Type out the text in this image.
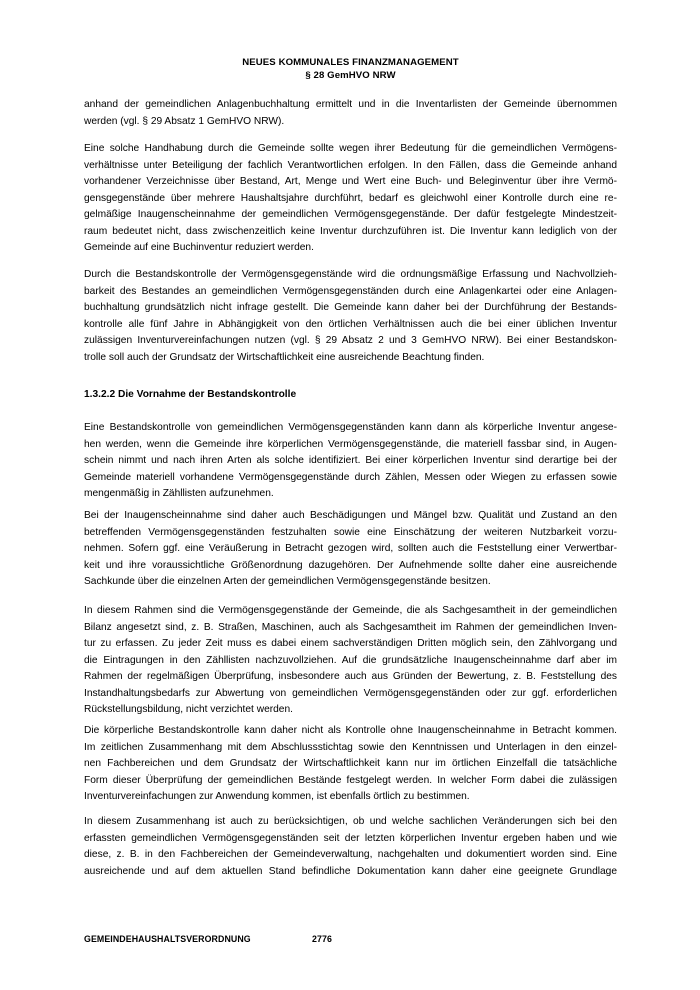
NEUES KOMMUNALES FINANZMANAGEMENT
§ 28 GemHVO NRW
anhand der gemeindlichen Anlagenbuchhaltung ermittelt und in die Inventarlisten der Gemeinde übernommen
werden (vgl. § 29 Absatz 1 GemHVO NRW).
Eine solche Handhabung durch die Gemeinde sollte wegen ihrer Bedeutung für die gemeindlichen Vermögens-
verhältnisse unter Beteiligung der fachlich Verantwortlichen erfolgen. In den Fällen, dass die Gemeinde anhand
vorhandener Verzeichnisse über Bestand, Art, Menge und Wert eine Buch- und Beleginventur über ihre Vermö-
gensgegenstände über mehrere Haushaltsjahre durchführt, bedarf es gleichwohl einer Kontrolle durch eine re-
gelmäßige Inaugenscheinnahme der gemeindlichen Vermögensgegenstände. Der dafür festgelegte Mindestzeit-
raum bedeutet nicht, dass zwischenzeitlich keine Inventur durchzuführen ist. Die Inventur kann lediglich von der
Gemeinde auf eine Buchinventur reduziert werden.
Durch die Bestandskontrolle der Vermögensgegenstände wird die ordnungsmäßige Erfassung und Nachvollzieh-
barkeit des Bestandes an gemeindlichen Vermögensgegenständen durch eine Anlagenkartei oder eine Anlagen-
buchhaltung grundsätzlich nicht infrage gestellt. Die Gemeinde kann daher bei der Durchführung der Bestands-
kontrolle alle fünf Jahre in Abhängigkeit von den örtlichen Verhältnissen auch die bei einer üblichen Inventur
zulässigen Inventurvereinfachungen nutzen (vgl. § 29 Absatz 2 und 3 GemHVO NRW). Bei einer Bestandskon-
trolle soll auch der Grundsatz der Wirtschaftlichkeit eine ausreichende Beachtung finden.
1.3.2.2 Die Vornahme der Bestandskontrolle
Eine Bestandskontrolle von gemeindlichen Vermögensgegenständen kann dann als körperliche Inventur angese-
hen werden, wenn die Gemeinde ihre körperlichen Vermögensgegenstände, die materiell fassbar sind, in Augen-
schein nimmt und nach ihren Arten als solche identifiziert. Bei einer körperlichen Inventur sind derartige bei der
Gemeinde materiell vorhandene Vermögensgegenstände durch Zählen, Messen oder Wiegen zu erfassen sowie
mengenmäßig in Zähllisten aufzunehmen.
Bei der Inaugenscheinnahme sind daher auch Beschädigungen und Mängel bzw. Qualität und Zustand an den
betreffenden Vermögensgegenständen festzuhalten sowie eine Einschätzung der weiteren Nutzbarkeit vorzu-
nehmen. Sofern ggf. eine Veräußerung in Betracht gezogen wird, sollten auch die Feststellung einer Verwertbar-
keit und ihre voraussichtliche Größenordnung dazugehören. Der Aufnehmende sollte daher eine ausreichende
Sachkunde über die einzelnen Arten der gemeindlichen Vermögensgegenstände besitzen.
In diesem Rahmen sind die Vermögensgegenstände der Gemeinde, die als Sachgesamtheit in der gemeindlichen
Bilanz angesetzt sind, z. B. Straßen, Maschinen, auch als Sachgesamtheit im Rahmen der gemeindlichen Inven-
tur zu erfassen. Zu jeder Zeit muss es dabei einem sachverständigen Dritten möglich sein, den Zählvorgang und
die Eintragungen in den Zähllisten nachzuvollziehen. Auf die grundsätzliche Inaugenscheinnahme darf aber im
Rahmen der regelmäßigen Überprüfung, insbesondere auch aus Gründen der Bewertung, z. B. Feststellung des
Instandhaltungsbedarfs zur Abwertung von gemeindlichen Vermögensgegenständen oder zur ggf. erforderlichen
Rückstellungsbildung, nicht verzichtet werden.
Die körperliche Bestandskontrolle kann daher nicht als Kontrolle ohne Inaugenscheinnahme in Betracht kommen.
Im zeitlichen Zusammenhang mit dem Abschlussstichtag sowie den Kenntnissen und Unterlagen in den einzel-
nen Fachbereichen und dem Grundsatz der Wirtschaftlichkeit kann nur im örtlichen Einzelfall die tatsächliche
Form dieser Überprüfung der gemeindlichen Bestände festgelegt werden. In welcher Form dabei die zulässigen
Inventurvereinfachungen zur Anwendung kommen, ist ebenfalls örtlich zu bestimmen.
In diesem Zusammenhang ist auch zu berücksichtigen, ob und welche sachlichen Veränderungen sich bei den
erfassten gemeindlichen Vermögensgegenständen seit der letzten körperlichen Inventur ergeben haben und wie
diese, z. B. in den Fachbereichen der Gemeindeverwaltung, nachgehalten und dokumentiert worden sind. Eine
ausreichende und auf dem aktuellen Stand befindliche Dokumentation kann daher eine geeignete Grundlage
GEMEINDEHAUSHALTSVERORDNUNG	2776
